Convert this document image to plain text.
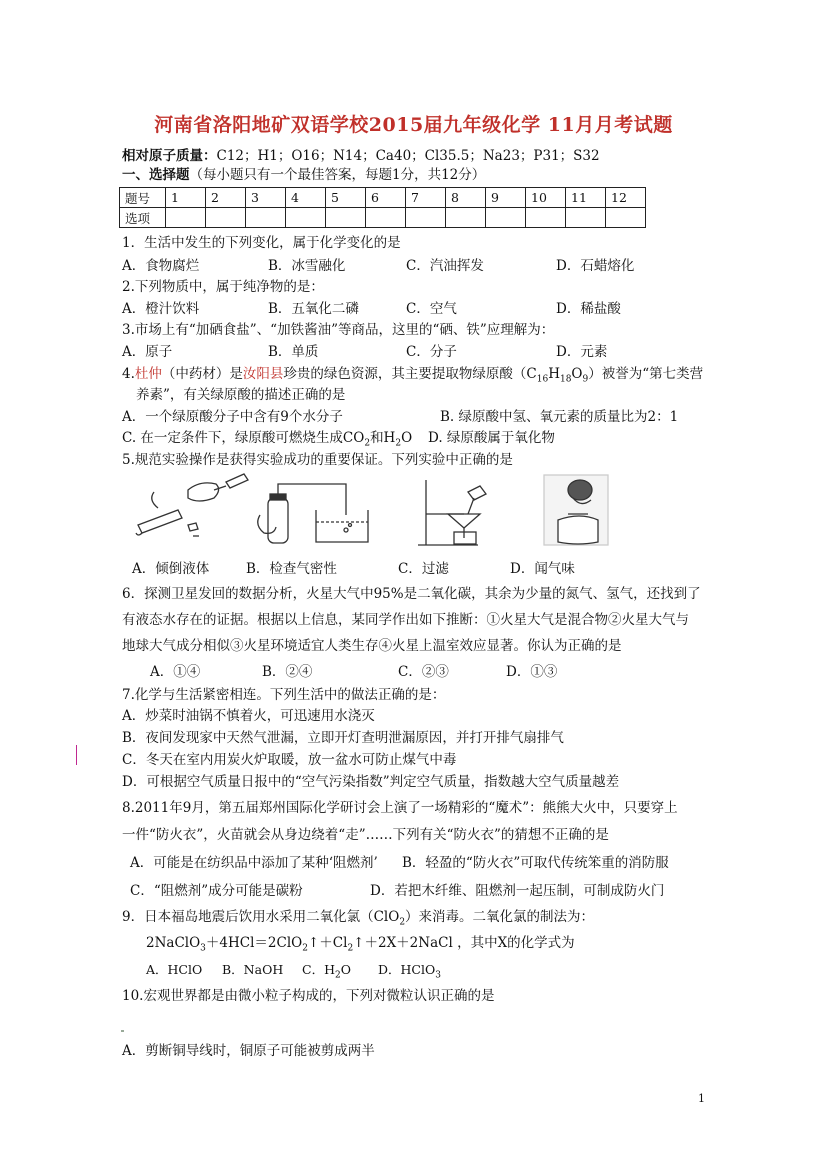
河南省洛阳地矿双语学校2015届九年级化学 11月月考试题
相对原子质量：C12；H1；O16；N14；Ca40；Cl35.5；Na23；P31；S32
一、选择题（每小题只有一个最佳答案，每题1分，共12分）
题号	1	2	3	4	5	6	7	8	9	10	11	12
选项												
1．生活中发生的下列变化，属于化学变化的是
A．食物腐烂	B．冰雪融化	C．汽油挥发	D．石蜡熔化
2.下列物质中，属于纯净物的是：
A．橙汁饮料	B．五氧化二磷	C．空气	D．稀盐酸
3.市场上有“加硒食盐”、“加铁酱油”等商品，这里的“硒、铁”应理解为：
A．原子	B．单质	C．分子	D．元素
4.杜仲（中药材）是汝阳县珍贵的绿色资源，其主要提取物绿原酸$(C_{16}H_{18}O_9)$被誉为“第七类营
养素”，有关绿原酸的描述正确的是
A．一个绿原酸分子中含有9个水分子	B. 绿原酸中氢、氧元素的质量比为2：1
C. 在一定条件下，绿原酸可燃烧生成$CO_2$和$H_2O$ D. 绿原酸属于氧化物
5.规范实验操作是获得实验成功的重要保证。下列实验中正确的是
A．倾倒液体	B．检查气密性	C．过滤	D．闻气味
6．探测卫星发回的数据分析，火星大气中95%是二氧化碳，其余为少量的氮气、氢气，还找到了
有液态水存在的证据。根据以上信息，某同学作出如下推断：①火星大气是混合物②火星大气与
地球大气成分相似③火星环境适宜人类生存④火星上温室效应显著。你认为正确的是
A．①④	B．②④	C．②③	D．①③
7.化学与生活紧密相连。下列生活中的做法正确的是：
A．炒菜时油锅不慎着火，可迅速用水浇灭
B．夜间发现家中天然气泄漏，立即开灯查明泄漏原因，并打开排气扇排气
C．冬天在室内用炭火炉取暖，放一盆水可防止煤气中毒
D．可根据空气质量日报中的“空气污染指数”判定空气质量，指数越大空气质量越差
8.2011年9月，第五届郑州国际化学研讨会上演了一场精彩的“魔术”：熊熊大火中，只要穿上
一件“防火衣”，火苗就会从身边绕着“走”……下列有关“防火衣”的猜想不正确的是
A．可能是在纺织品中添加了某种‘阻燃剂’ B．轻盈的“防火衣”可取代传统笨重的消防服
C．“阻燃剂”成分可能是碳粉	D．若把木纤维、阻燃剂一起压制，可制成防火门
9．日本福岛地震后饮用水采用二氧化氯（ClO$_2$）来消毒。二氧化氯的制法为：
$2NaClO_3+4HCl=2ClO_2↑+Cl_2↑+2X+2NaCl$ ，其中X的化学式为
A．HClO B．NaOH C．$H_2O$ D．HClO$_3$
10.宏观世界都是由微小粒子构成的，下列对微粒认识正确的是
A．剪断铜导线时，铜原子可能被剪成两半
1
